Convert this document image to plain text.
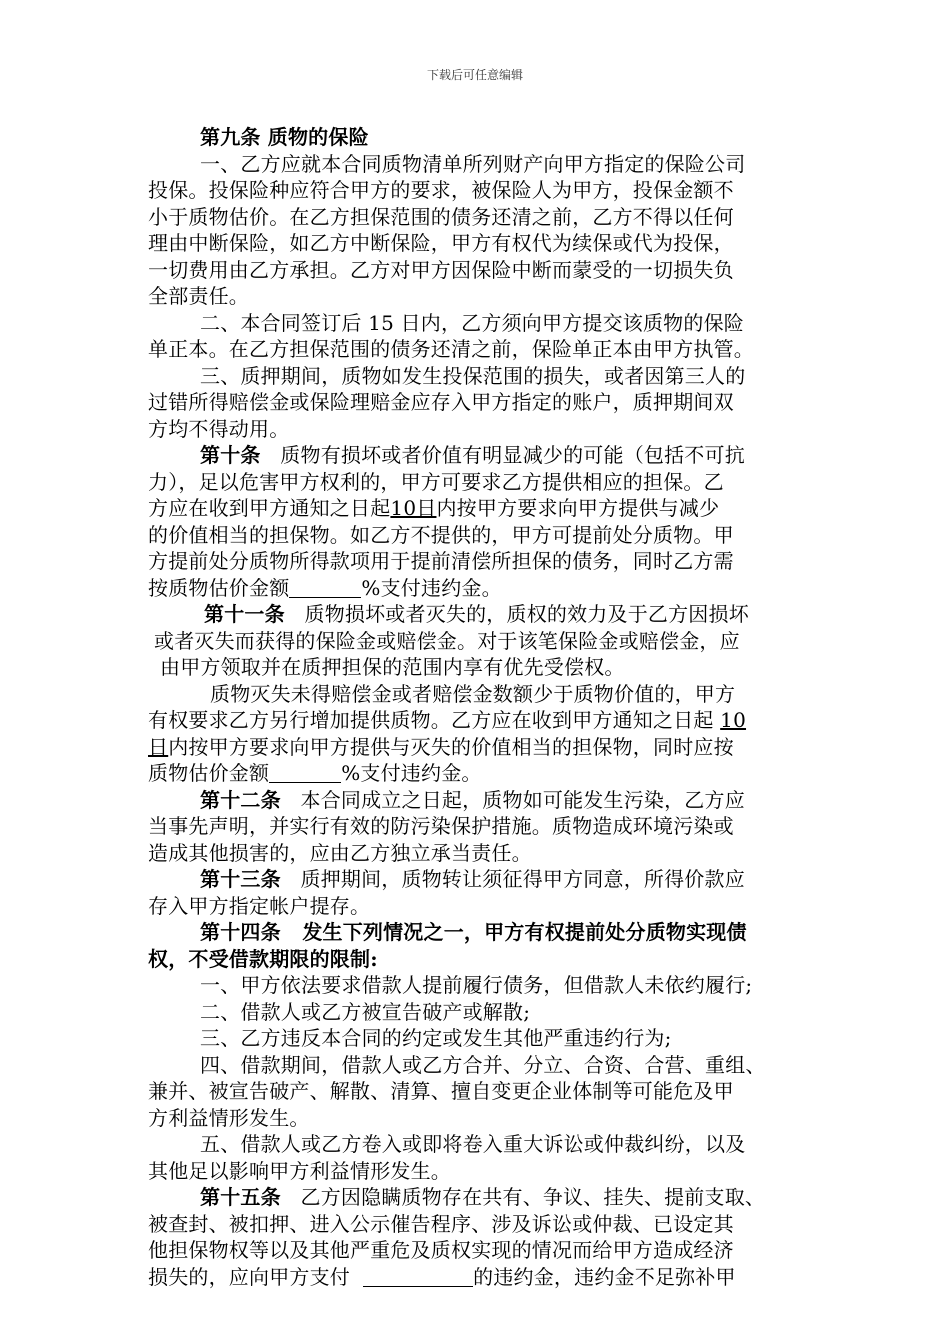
下载后可任意编辑
第九条 质物的保险
一、乙方应就本合同质物清单所列财产向甲方指定的保险公司
投保。投保险种应符合甲方的要求，被保险人为甲方，投保金额不
小于质物估价。在乙方担保范围的债务还清之前，乙方不得以任何
理由中断保险，如乙方中断保险，甲方有权代为续保或代为投保，
一切费用由乙方承担。乙方对甲方因保险中断而蒙受的一切损失负
全部责任。
二、本合同签订后 15 日内，乙方须向甲方提交该质物的保险
单正本。在乙方担保范围的债务还清之前，保险单正本由甲方执管。
三、质押期间，质物如发生投保范围的损失，或者因第三人的
过错所得赔偿金或保险理赔金应存入甲方指定的账户，质押期间双
方均不得动用。
第十条 质物有损坏或者价值有明显减少的可能（包括不可抗
力），足以危害甲方权利的，甲方可要求乙方提供相应的担保。乙
方应在收到甲方通知之日起10日内按甲方要求向甲方提供与减少
的价值相当的担保物。如乙方不提供的，甲方可提前处分质物。甲
方提前处分质物所得款项用于提前清偿所担保的债务，同时乙方需
按质物估价金额	%支付违约金。
第十一条 质物损坏或者灭失的，质权的效力及于乙方因损坏
或者灭失而获得的保险金或赔偿金。对于该笔保险金或赔偿金，应
由甲方领取并在质押担保的范围内享有优先受偿权。
质物灭失未得赔偿金或者赔偿金数额少于质物价值的，甲方
有权要求乙方另行增加提供质物。乙方应在收到甲方通知之日起 10
日内按甲方要求向甲方提供与灭失的价值相当的担保物，同时应按
质物估价金额	%支付违约金。
第十二条 本合同成立之日起，质物如可能发生污染，乙方应
当事先声明，并实行有效的防污染保护措施。质物造成环境污染或
造成其他损害的，应由乙方独立承当责任。
第十三条 质押期间，质物转让须征得甲方同意，所得价款应
存入甲方指定帐户提存。
第十四条 发生下列情况之一，甲方有权提前处分质物实现债
权，不受借款期限的限制:
一、甲方依法要求借款人提前履行债务，但借款人未依约履行;
二、借款人或乙方被宣告破产或解散;
三、乙方违反本合同的约定或发生其他严重违约行为;
四、借款期间，借款人或乙方合并、分立、合资、合营、重组、
兼并、被宣告破产、解散、清算、擅自变更企业体制等可能危及甲
方利益情形发生。
五、借款人或乙方卷入或即将卷入重大诉讼或仲裁纠纷，以及
其他足以影响甲方利益情形发生。
第十五条 乙方因隐瞒质物存在共有、争议、挂失、提前支取、
被查封、被扣押、进入公示催告程序、涉及诉讼或仲裁、已设定其
他担保物权等以及其他严重危及质权实现的情况而给甲方造成经济
损失的，应向甲方支付	的违约金，违约金不足弥补甲
